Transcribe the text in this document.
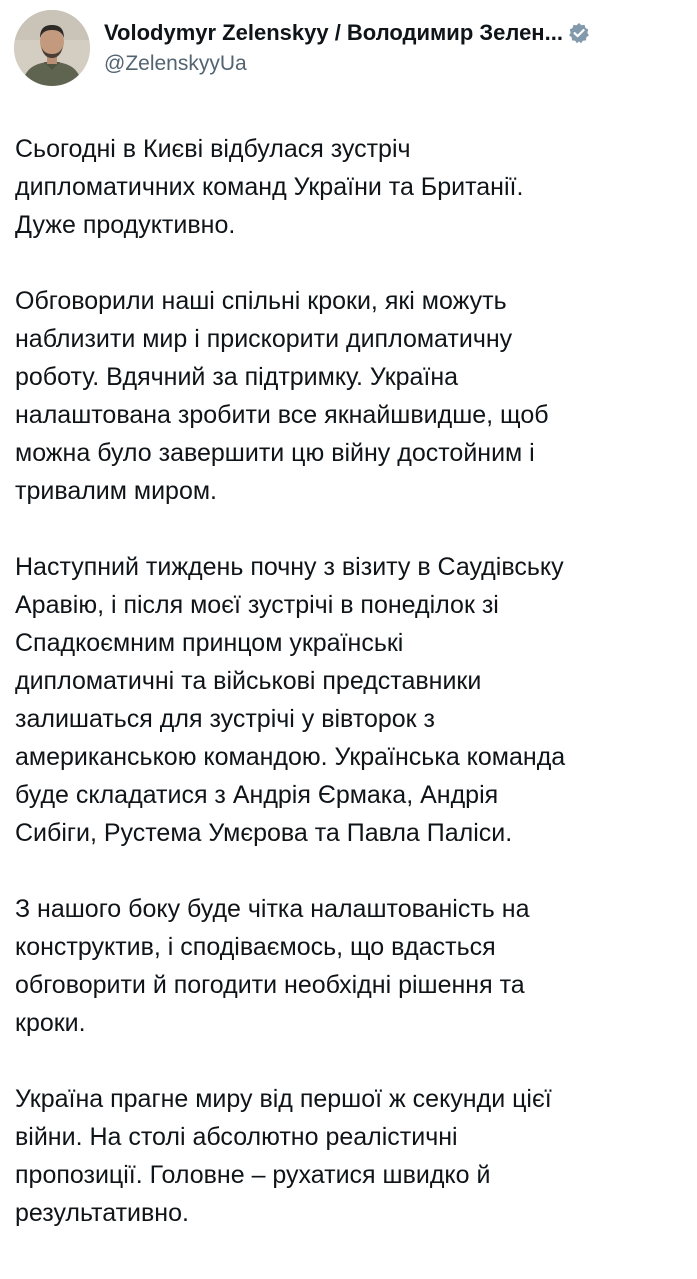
Volodymyr Zelenskyy / Володимир Зелен...
@ZelenskyyUa

Сьогодні в Києві відбулася зустріч
дипломатичних команд України та Британії.
Дуже продуктивно.

Обговорили наші спільні кроки, які можуть
наблизити мир і прискорити дипломатичну
роботу. Вдячний за підтримку. Україна
налаштована зробити все якнайшвидше, щоб
можна було завершити цю війну достойним і
тривалим миром.

Наступний тиждень почну з візиту в Саудівську
Аравію, і після моєї зустрічі в понеділок зі
Спадкоємним принцом українські
дипломатичні та військові представники
залишаться для зустрічі у вівторок з
американською командою. Українська команда
буде складатися з Андрія Єрмака, Андрія
Сибіги, Рустема Умєрова та Павла Паліси.

З нашого боку буде чітка налаштованість на
конструктив, і сподіваємось, що вдасться
обговорити й погодити необхідні рішення та
кроки.

Україна прагне миру від першої ж секунди цієї
війни. На столі абсолютно реалістичні
пропозиції. Головне – рухатися швидко й
результативно.
